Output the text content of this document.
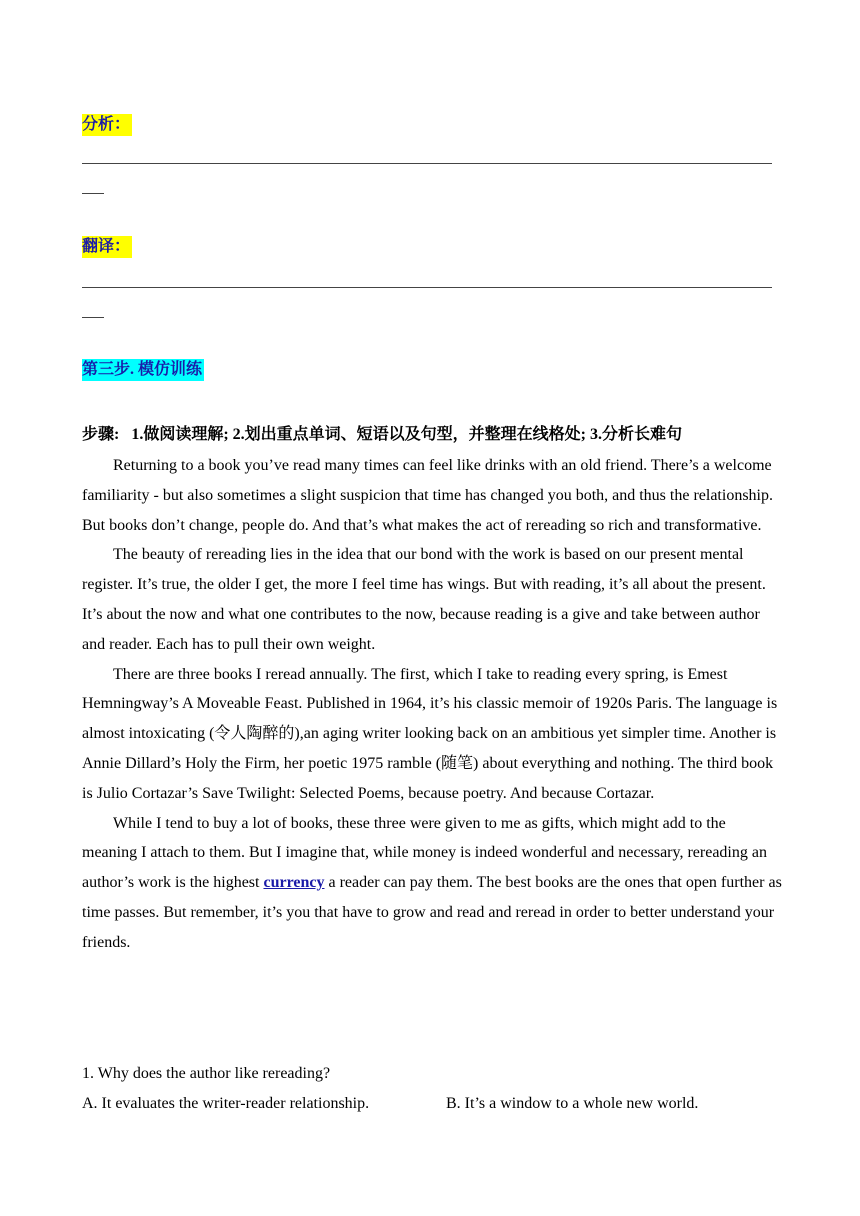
分析：
翻译：
第三步. 模仿训练
步骤:   1.做阅读理解; 2.划出重点单词、短语以及句型，并整理在线格处; 3.分析长难句

Returning to a book you’ve read many times can feel like drinks with an old friend. There’s a welcome familiarity - but also sometimes a slight suspicion that time has changed you both, and thus the relationship. But books don’t change, people do. And that’s what makes the act of rereading so rich and transformative.

The beauty of rereading lies in the idea that our bond with the work is based on our present mental register. It’s true, the older I get, the more I feel time has wings. But with reading, it’s all about the present. It’s about the now and what one contributes to the now, because reading is a give and take between author and reader. Each has to pull their own weight.

There are three books I reread annually. The first, which I take to reading every spring, is Emest Hemningway’s A Moveable Feast. Published in 1964, it’s his classic memoir of 1920s Paris. The language is almost intoxicating (令人陶醉的),an aging writer looking back on an ambitious yet simpler time. Another is Annie Dillard’s Holy the Firm, her poetic 1975 ramble (随笔) about everything and nothing. The third book is Julio Cortazar’s Save Twilight: Selected Poems, because poetry. And because Cortazar.

While I tend to buy a lot of books, these three were given to me as gifts, which might add to the meaning I attach to them. But I imagine that, while money is indeed wonderful and necessary, rereading an author’s work is the highest currency a reader can pay them. The best books are the ones that open further as time passes. But remember, it’s you that have to grow and read and reread in order to better understand your friends.

1. Why does the author like rereading?
A. It evaluates the writer-reader relationship.	B. It’s a window to a whole new world.
